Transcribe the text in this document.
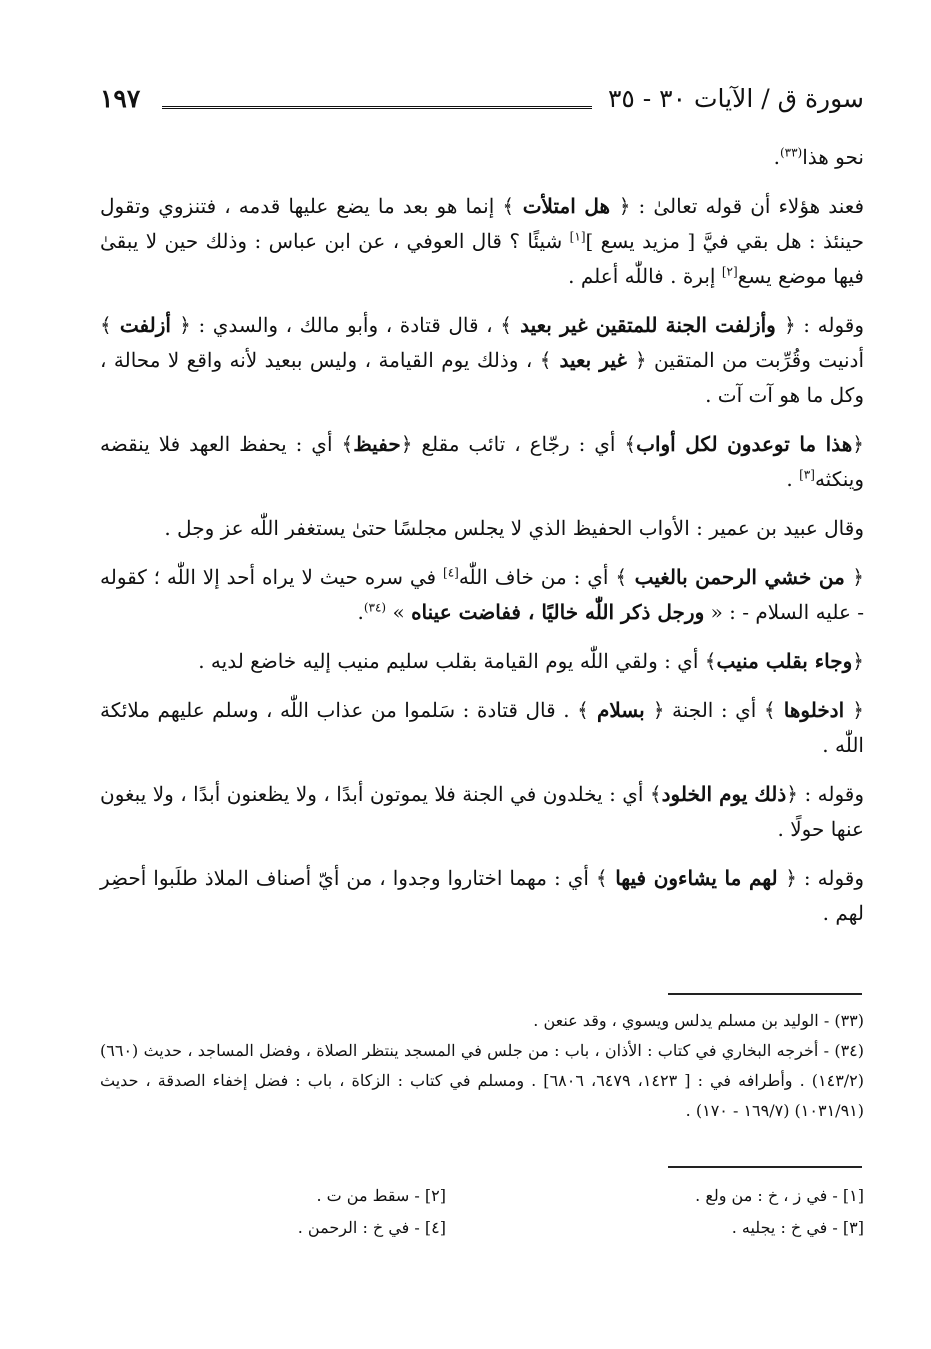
سورة ق / الآيات ٣٠ - ٣٥
١٩٧

نحو هذا$^{(٣٣)}$.

فعند هؤلاء أن قوله تعالىٰ : ﴿ هل امتلأت ﴾ إنما هو بعد ما يضع عليها قدمه ، فتنزوي وتقول حينئذ : هل بقي فيَّ [ مزيد يسع ][١] شيئًا ؟ قال العوفي ، عن ابن عباس : وذلك حين لا يبقىٰ فيها موضع يسع[٢] إبرة . فاللّٰه أعلم .

وقوله : ﴿ وأزلفت الجنة للمتقين غير بعيد ﴾ ، قال قتادة ، وأبو مالك ، والسدي : ﴿ أزلفت ﴾ أدنيت وقُرِّبت من المتقين ﴿ غير بعيد ﴾ ، وذلك يوم القيامة ، وليس ببعيد لأنه واقع لا محالة ، وكل ما هو آت آت .

﴿هذا ما توعدون لكل أواب﴾ أي : رجّاع ، تائب مقلع ﴿حفيظ﴾ أي : يحفظ العهد فلا ينقضه وينكثه[٣] .

وقال عبيد بن عمير : الأواب الحفيظ الذي لا يجلس مجلسًا حتىٰ يستغفر اللّٰه عز وجل .

﴿ من خشي الرحمن بالغيب ﴾ أي : من خاف اللّٰه[٤] في سره حيث لا يراه أحد إلا اللّٰه ؛ كقوله - عليه السلام - : « ورجل ذكر اللّٰه خاليًا ، ففاضت عيناه » $^{(٣٤)}$.

﴿وجاء بقلب منيب﴾ أي : ولقي اللّٰه يوم القيامة بقلب سليم منيب إليه خاضع لديه .

﴿ ادخلوها ﴾ أي : الجنة ﴿ بسلام ﴾ . قال قتادة : سَلموا من عذاب اللّٰه ، وسلم عليهم ملائكة اللّٰه .

وقوله : ﴿ذلك يوم الخلود﴾ أي : يخلدون في الجنة فلا يموتون أبدًا ، ولا يظعنون أبدًا ، ولا يبغون عنها حولًا .

وقوله : ﴿ لهم ما يشاءون فيها ﴾ أي : مهما اختاروا وجدوا ، من أيّ أصناف الملاذ طلَبوا أحضِر لهم .

(٣٣) - الوليد بن مسلم يدلس ويسوي ، وقد عنعن .

(٣٤) - أخرجه البخاري في كتاب : الأذان ، باب : من جلس في المسجد ينتظر الصلاة ، وفضل المساجد ، حديث (٦٦٠) (١٤٣/٢) . وأطرافه في : [ ١٤٢٣، ٦٤٧٩، ٦٨٠٦] . ومسلم في كتاب : الزكاة ، باب : فضل إخفاء الصدقة ، حديث (١٠٣١/٩١) (١٦٩/٧ - ١٧٠) .

[١] - في ز ، خ : من ولع .
[٢] - سقط من ت .
[٣] - في خ : يجليه .
[٤] - في خ : الرحمن .
